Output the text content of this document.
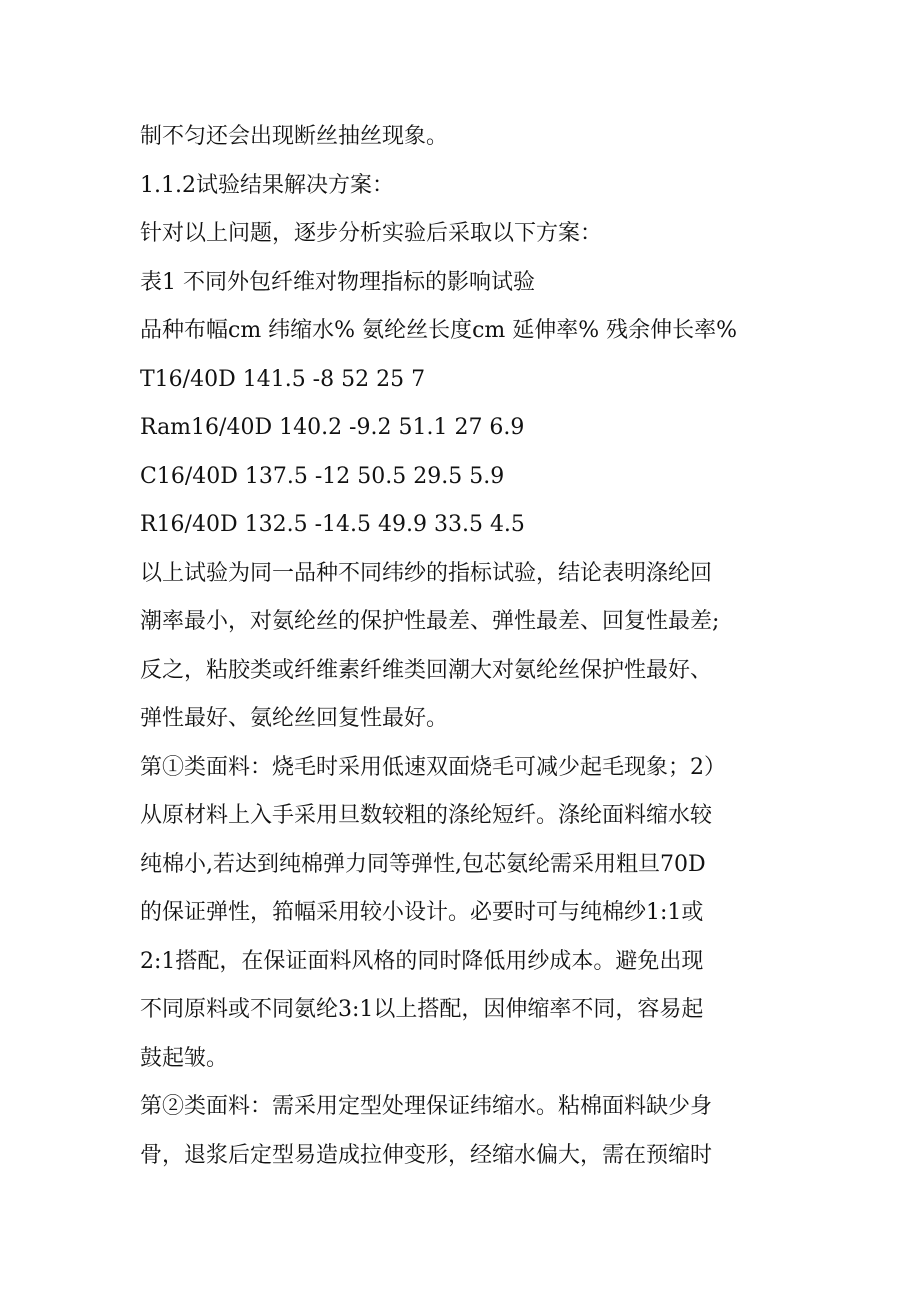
制不匀还会出现断丝抽丝现象。
1.1.2试验结果解决方案：
针对以上问题，逐步分析实验后采取以下方案：
表1 不同外包纤维对物理指标的影响试验
品种布幅cm 纬缩水% 氨纶丝长度cm 延伸率% 残余伸长率%
T16/40D 141.5 -8 52 25 7
Ram16/40D 140.2 -9.2 51.1 27 6.9
C16/40D 137.5 -12 50.5 29.5 5.9
R16/40D 132.5 -14.5 49.9 33.5 4.5
以上试验为同一品种不同纬纱的指标试验，结论表明涤纶回
潮率最小，对氨纶丝的保护性最差、弹性最差、回复性最差;
反之，粘胶类或纤维素纤维类回潮大对氨纶丝保护性最好、
弹性最好、氨纶丝回复性最好。
第①类面料：烧毛时采用低速双面烧毛可减少起毛现象；2）
从原材料上入手采用旦数较粗的涤纶短纤。涤纶面料缩水较
纯棉小,若达到纯棉弹力同等弹性,包芯氨纶需采用粗旦70D
的保证弹性，筘幅采用较小设计。必要时可与纯棉纱1:1或
2:1搭配，在保证面料风格的同时降低用纱成本。避免出现
不同原料或不同氨纶3:1以上搭配，因伸缩率不同，容易起
鼓起皱。
第②类面料：需采用定型处理保证纬缩水。粘棉面料缺少身
骨，退浆后定型易造成拉伸变形，经缩水偏大，需在预缩时
